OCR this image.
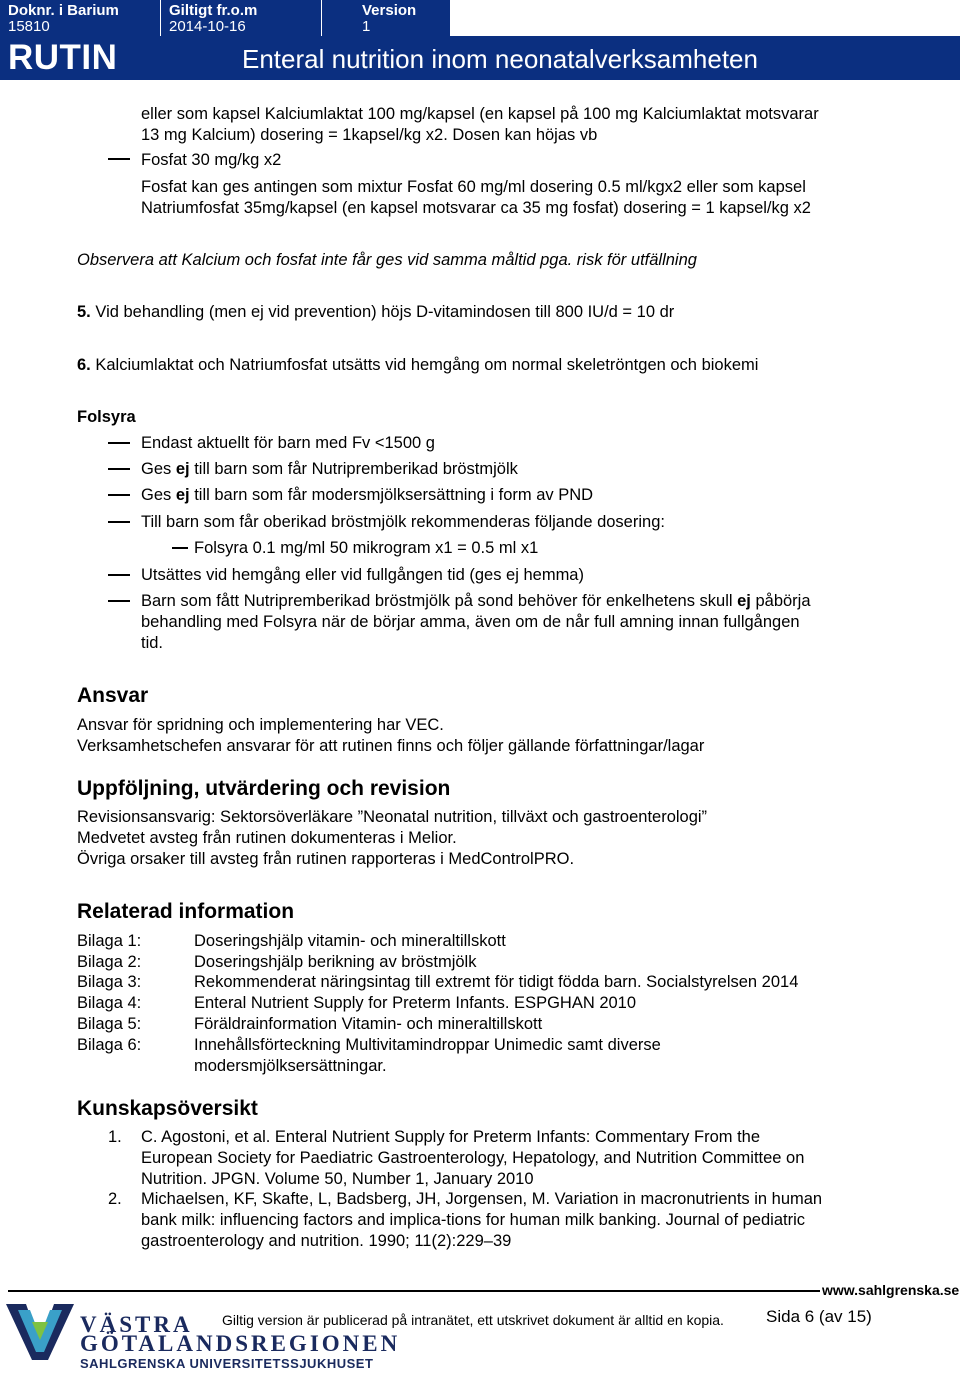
Doknr. i Barium
15810
Giltigt fr.o.m
2014-10-16
Version
1
RUTIN	Enteral nutrition inom neonatalverksamheten
eller som kapsel Kalciumlaktat 100 mg/kapsel (en kapsel på 100 mg Kalciumlaktat motsvarar
13 mg Kalcium) dosering = 1kapsel/kg x2. Dosen kan höjas vb
Fosfat 30 mg/kg x2
Fosfat kan ges antingen som mixtur Fosfat 60 mg/ml dosering 0.5 ml/kgx2 eller som kapsel
Natriumfosfat 35mg/kapsel (en kapsel motsvarar ca 35 mg fosfat) dosering = 1 kapsel/kg x2
Observera att Kalcium och fosfat inte får ges vid samma måltid pga. risk för utfällning
5. Vid behandling (men ej vid prevention) höjs D-vitamindosen till 800 IU/d = 10 dr
6. Kalciumlaktat och Natriumfosfat utsätts vid hemgång om normal skeletröntgen och biokemi
Folsyra
Endast aktuellt för barn med Fv <1500 g
Ges ej till barn som får Nutripremberikad bröstmjölk
Ges ej till barn som får modersmjölksersättning i form av PND
Till barn som får oberikad bröstmjölk rekommenderas följande dosering:
Folsyra 0.1 mg/ml 50 mikrogram x1 = 0.5 ml x1
Utsättes vid hemgång eller vid fullgången tid (ges ej hemma)
Barn som fått Nutripremberikad bröstmjölk på sond behöver för enkelhetens skull ej påbörja
behandling med Folsyra när de börjar amma, även om de når full amning innan fullgången
tid.
Ansvar
Ansvar för spridning och implementering har VEC.
Verksamhetschefen ansvarar för att rutinen finns och följer gällande författningar/lagar
Uppföljning, utvärdering och revision
Revisionsansvarig: Sektorsöverläkare ”Neonatal nutrition, tillväxt och gastroenterologi”
Medvetet avsteg från rutinen dokumenteras i Melior.
Övriga orsaker till avsteg från rutinen rapporteras i MedControlPRO.
Relaterad information
Bilaga 1:	Doseringshjälp vitamin- och mineraltillskott
Bilaga 2:	Doseringshjälp berikning av bröstmjölk
Bilaga 3:	Rekommenderat näringsintag till extremt för tidigt födda barn. Socialstyrelsen 2014
Bilaga 4:	Enteral Nutrient Supply for Preterm Infants. ESPGHAN 2010
Bilaga 5:	Föräldrainformation Vitamin- och mineraltillskott
Bilaga 6:	Innehållsförteckning Multivitamindroppar Unimedic samt diverse
modersmjölksersättningar.
Kunskapsöversikt
1. C. Agostoni, et al. Enteral Nutrient Supply for Preterm Infants: Commentary From the
European Society for Paediatric Gastroenterology, Hepatology, and Nutrition Committee on
Nutrition. JPGN. Volume 50, Number 1, January 2010
2. Michaelsen, KF, Skafte, L, Badsberg, JH, Jorgensen, M. Variation in macronutrients in human
bank milk: influencing factors and implica-tions for human milk banking. Journal of pediatric
gastroenterology and nutrition. 1990; 11(2):229–39
www.sahlgrenska.se
VÄSTRA
GÖTALANDSREGIONEN
SAHLGRENSKA UNIVERSITETSSJUKHUSET
Giltig version är publicerad på intranätet, ett utskrivet dokument är alltid en kopia. Sida 6 (av 15)
